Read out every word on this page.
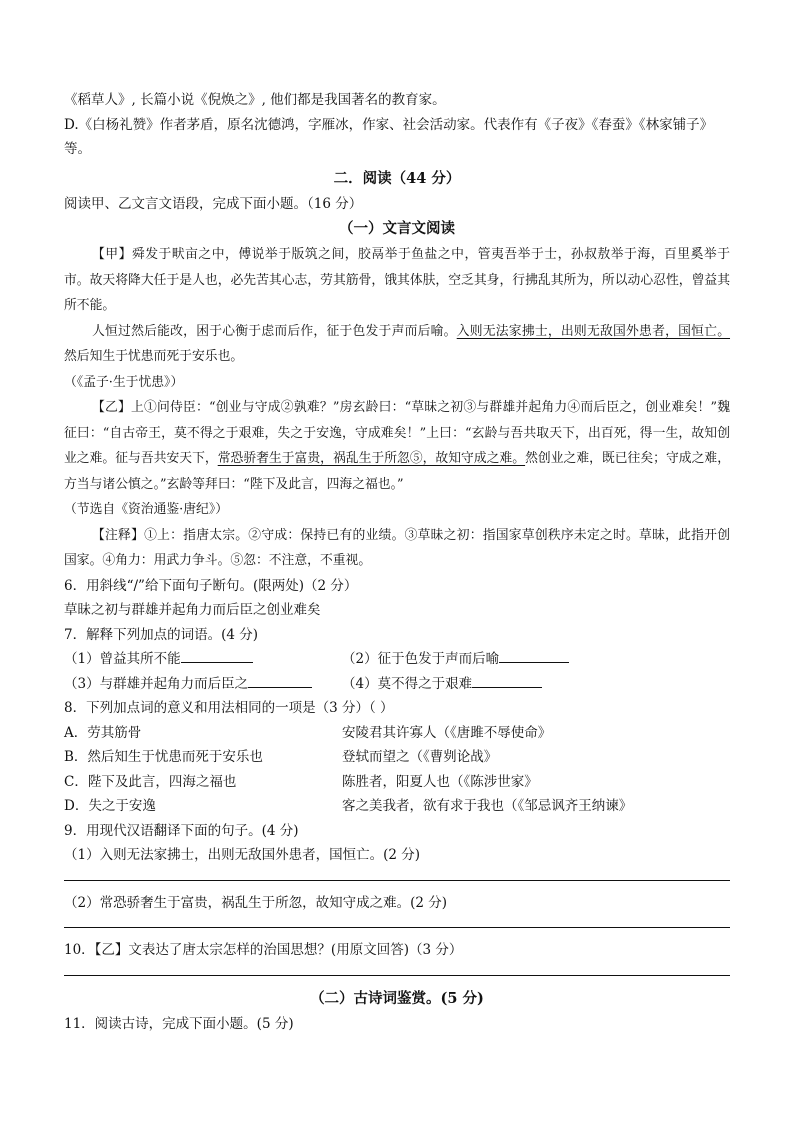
《稻草人》, 长篇小说《倪焕之》, 他们都是我国著名的教育家。
D.《白杨礼赞》作者茅盾，原名沈德鸿，字雁冰，作家、社会活动家。代表作有《子夜》《春蚕》《林家铺子》等。
二．阅读（44 分）
阅读甲、乙文言文语段，完成下面小题。（16 分）
（一）文言文阅读
【甲】舜发于畎亩之中，傅说举于版筑之间，胶鬲举于鱼盐之中，管夷吾举于士，孙叔敖举于海，百里奚举于市。故天将降大任于是人也，必先苦其心志，劳其筋骨，饿其体肤，空乏其身，行拂乱其所为，所以动心忍性，曾益其所不能。
人恒过然后能改，困于心衡于虑而后作，征于色发于声而后喻。入则无法家拂士，出则无敌国外患者，国恒亡。然后知生于忧患而死于安乐也。
（《孟子·生于忧患》）
【乙】上①问侍臣：“创业与守成②孰难？”房玄龄曰：“草昧之初③与群雄并起角力④而后臣之，创业难矣！”魏征曰：“自古帝王，莫不得之于艰难，失之于安逸，守成难矣！”上曰：“玄龄与吾共取天下，出百死，得一生，故知创业之难。征与吾共安天下，常恐骄奢生于富贵，祸乱生于所忽⑤，故知守成之难。然创业之难，既已往矣；守成之难，方当与诸公慎之。”玄龄等拜曰：“陛下及此言，四海之福也。”
（节选自《资治通鉴·唐纪》）
【注释】①上：指唐太宗。②守成：保持已有的业绩。③草昧之初：指国家草创秩序未定之时。草昧，此指开创国家。④角力：用武力争斗。⑤忽：不注意，不重视。
6．用斜线“/”给下面句子断句。(限两处)（2 分）
草昧之初与群雄并起角力而后臣之创业难矣
7．解释下列加点的词语。(4 分)
（1）曾益其所不能	（2）征于色发于声而后喻
（3）与群雄并起角力而后臣之	（4）莫不得之于艰难
8．下列加点词的意义和用法相同的一项是（3 分）（ ）
A．劳其筋骨	安陵君其许寡人（《唐雎不辱使命》
B．然后知生于忧患而死于安乐也	登轼而望之（《曹刿论战》
C．陛下及此言，四海之福也	陈胜者，阳夏人也（《陈涉世家》
D．失之于安逸	客之美我者，欲有求于我也（《邹忌讽齐王纳谏》
9．用现代汉语翻译下面的句子。(4 分)
（1）入则无法家拂士，出则无敌国外患者，国恒亡。(2 分)
（2）常恐骄奢生于富贵，祸乱生于所忽，故知守成之难。(2 分)
10．【乙】文表达了唐太宗怎样的治国思想？(用原文回答)（3 分）
（二）古诗词鉴赏。(5 分)
11．阅读古诗，完成下面小题。(5 分)
